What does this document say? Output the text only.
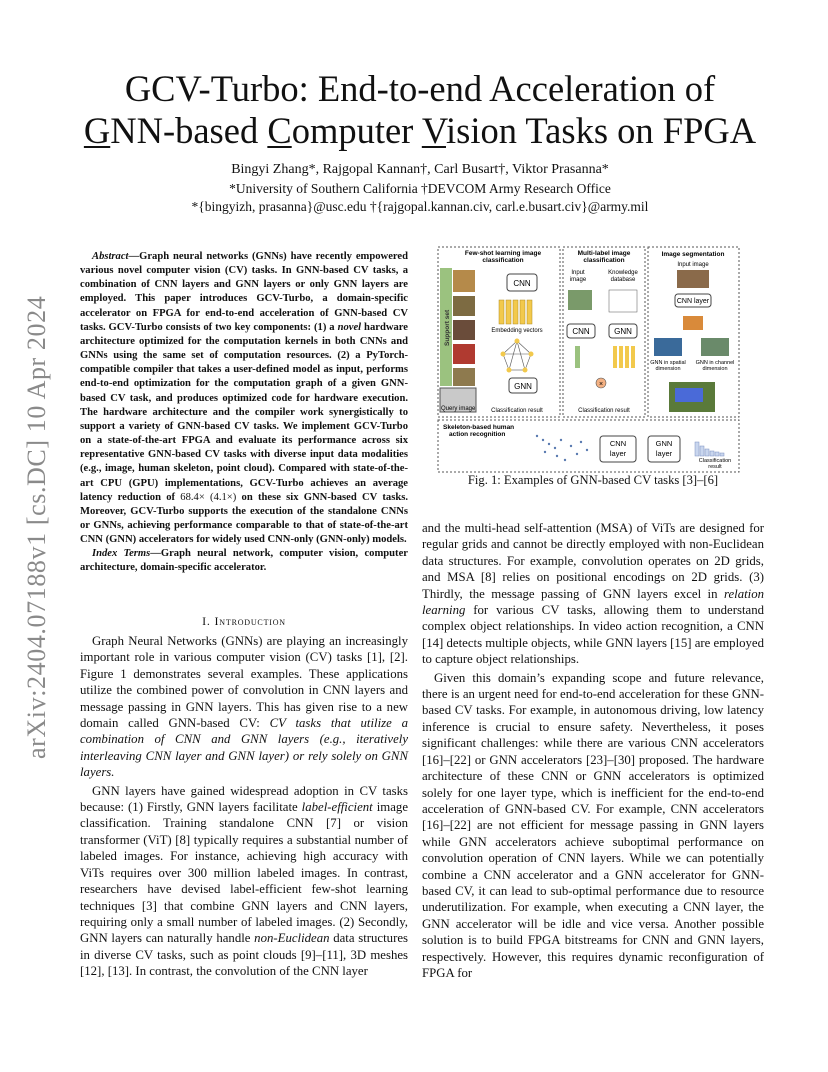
arXiv:2404.07188v1 [cs.DC] 10 Apr 2024
GCV-Turbo: End-to-end Acceleration of
GNN-based Computer Vision Tasks on FPGA
Bingyi Zhang*, Rajgopal Kannan†, Carl Busart†, Viktor Prasanna*
*University of Southern California †DEVCOM Army Research Office
*{bingyizh, prasanna}@usc.edu †{rajgopal.kannan.civ, carl.e.busart.civ}@army.mil
Abstract—Graph neural networks (GNNs) have recently empowered various novel computer vision (CV) tasks. In GNN-based CV tasks, a combination of CNN layers and GNN layers or only GNN layers are employed. This paper introduces GCV-Turbo, a domain-specific accelerator on FPGA for end-to-end acceleration of GNN-based CV tasks. GCV-Turbo consists of two key components: (1) a novel hardware architecture optimized for the computation kernels in both CNNs and GNNs using the same set of computation resources. (2) a PyTorch-compatible compiler that takes a user-defined model as input, performs end-to-end optimization for the computation graph of a given GNN-based CV task, and produces optimized code for hardware execution. The hardware architecture and the compiler work synergistically to support a variety of GNN-based CV tasks. We implement GCV-Turbo on a state-of-the-art FPGA and evaluate its performance across six representative GNN-based CV tasks with diverse input data modalities (e.g., image, human skeleton, point cloud). Compared with state-of-the-art CPU (GPU) implementations, GCV-Turbo achieves an average latency reduction of 68.4× (4.1×) on these six GNN-based CV tasks. Moreover, GCV-Turbo supports the execution of the standalone CNNs or GNNs, achieving performance comparable to that of state-of-the-art CNN (GNN) accelerators for widely used CNN-only (GNN-only) models.
Index Terms—Graph neural network, computer vision, computer architecture, domain-specific accelerator.
I. Introduction

Graph Neural Networks (GNNs) are playing an increasingly important role in various computer vision (CV) tasks [1], [2]. Figure 1 demonstrates several examples. These applications utilize the combined power of convolution in CNN layers and message passing in GNN layers. This has given rise to a new domain called GNN-based CV: CV tasks that utilize a combination of CNN and GNN layers (e.g., iteratively interleaving CNN layer and GNN layer) or rely solely on GNN layers.

GNN layers have gained widespread adoption in CV tasks because: (1) Firstly, GNN layers facilitate label-efficient image classification. Training standalone CNN [7] or vision transformer (ViT) [8] typically requires a substantial number of labeled images. For instance, achieving high accuracy with ViTs requires over 300 million labeled images. In contrast, researchers have devised label-efficient few-shot learning techniques [3] that combine GNN layers and CNN layers, requiring only a small number of labeled images. (2) Secondly, GNN layers can naturally handle non-Euclidean data structures in diverse CV tasks, such as point clouds [9]–[11], 3D meshes [12], [13]. In contrast, the convolution of the CNN layer

Few-shot learning image classification
Support set
Query image
CNN
Embedding vectors
GNN
Classification result
Multi-label image classification
Input image
Knowledge database
CNN	GNN
×
Classification result
Image segmentation
Input image
CNN layer
GNN in spatial dimension
GNN in channel dimension
Skeleton-based human action recognition
CNN layer
GNN layer
Classification result
Fig. 1: Examples of GNN-based CV tasks [3]–[6]

and the multi-head self-attention (MSA) of ViTs are designed for regular grids and cannot be directly employed with non-Euclidean data structures. For example, convolution operates on 2D grids, and MSA [8] relies on positional encodings on 2D grids. (3) Thirdly, the message passing of GNN layers excel in relation learning for various CV tasks, allowing them to understand complex object relationships. In video action recognition, a CNN [14] detects multiple objects, while GNN layers [15] are employed to capture object relationships.

Given this domain’s expanding scope and future relevance, there is an urgent need for end-to-end acceleration for these GNN-based CV tasks. For example, in autonomous driving, low latency inference is crucial to ensure safety. Nevertheless, it poses significant challenges: while there are various CNN accelerators [16]–[22] or GNN accelerators [23]–[30] proposed. The hardware architecture of these CNN or GNN accelerators is optimized solely for one layer type, which is inefficient for the end-to-end acceleration of GNN-based CV. For example, CNN accelerators [16]–[22] are not efficient for message passing in GNN layers while GNN accelerators achieve suboptimal performance on convolution operation of CNN layers. While we can potentially combine a CNN accelerator and a GNN accelerator for GNN-based CV, it can lead to sub-optimal performance due to resource underutilization. For example, when executing a CNN layer, the GNN accelerator will be idle and vice versa. Another possible solution is to build FPGA bitstreams for CNN and GNN layers, respectively. However, this requires dynamic reconfiguration of FPGA for
